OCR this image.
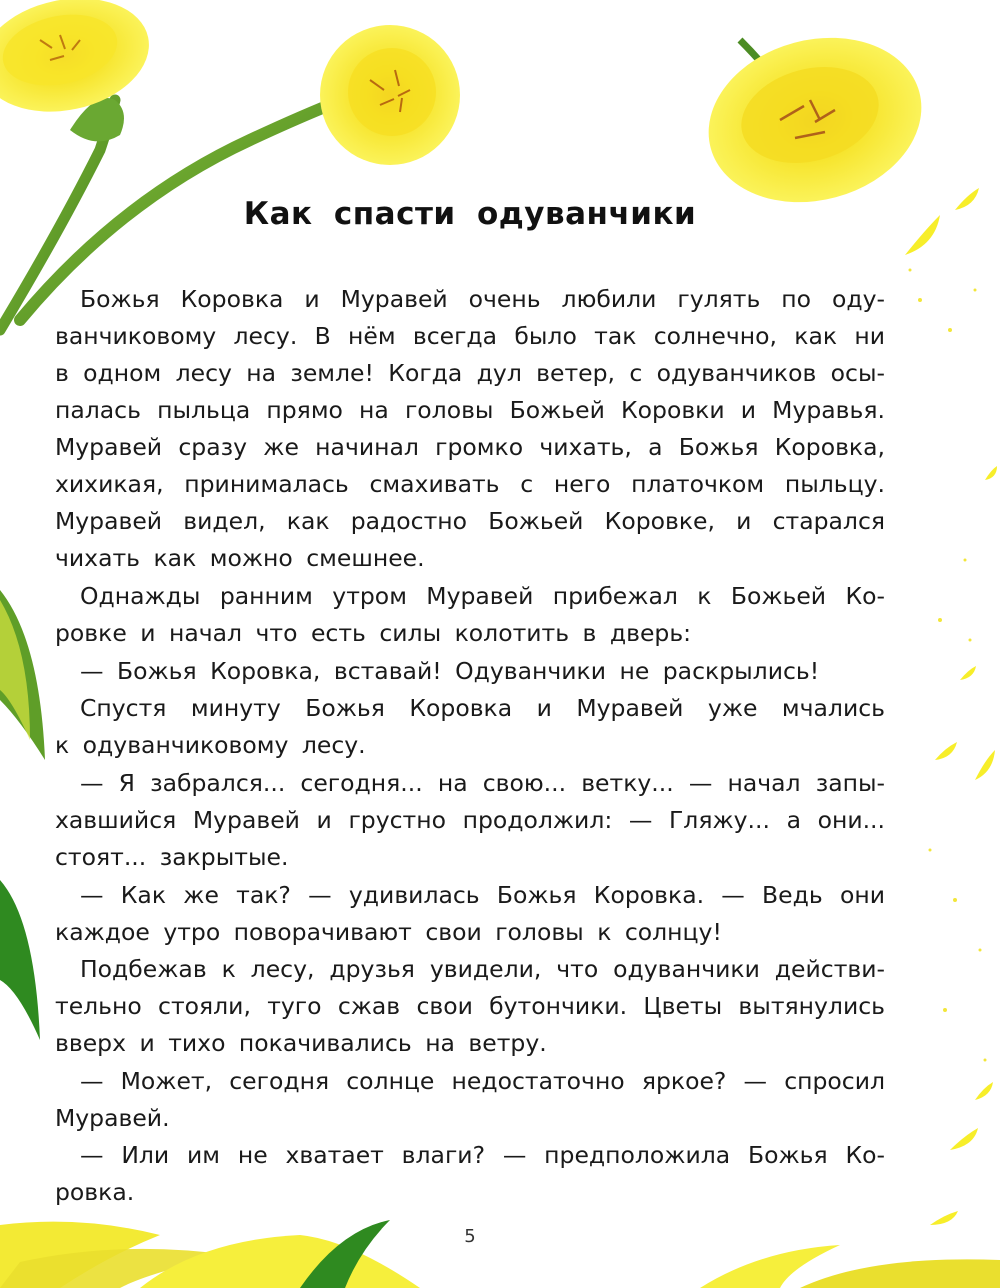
Как спасти одуванчики
Божья Коровка и Муравей очень любили гулять по оду-
ванчиковому лесу. В нём всегда было так солнечно, как ни
в одном лесу на земле! Когда дул ветер, с одуванчиков осы-
палась пыльца прямо на головы Божьей Коровки и Муравья.
Муравей сразу же начинал громко чихать, а Божья Коровка,
хихикая, принималась смахивать с него платочком пыльцу.
Муравей видел, как радостно Божьей Коровке, и старался
чихать как можно смешнее.
Однажды ранним утром Муравей прибежал к Божьей Ко-
ровке и начал что есть силы колотить в дверь:
— Божья Коровка, вставай! Одуванчики не раскрылись!
Спустя минуту Божья Коровка и Муравей уже мчались
к одуванчиковому лесу.
— Я забрался... сегодня... на свою... ветку... — начал запы-
хавшийся Муравей и грустно продолжил: — Гляжу... а они...
стоят... закрытые.
— Как же так? — удивилась Божья Коровка. — Ведь они
каждое утро поворачивают свои головы к солнцу!
Подбежав к лесу, друзья увидели, что одуванчики действи-
тельно стояли, туго сжав свои бутончики. Цветы вытянулись
вверх и тихо покачивались на ветру.
— Может, сегодня солнце недостаточно яркое? — спросил
Муравей.
— Или им не хватает влаги? — предположила Божья Ко-
ровка.
5
